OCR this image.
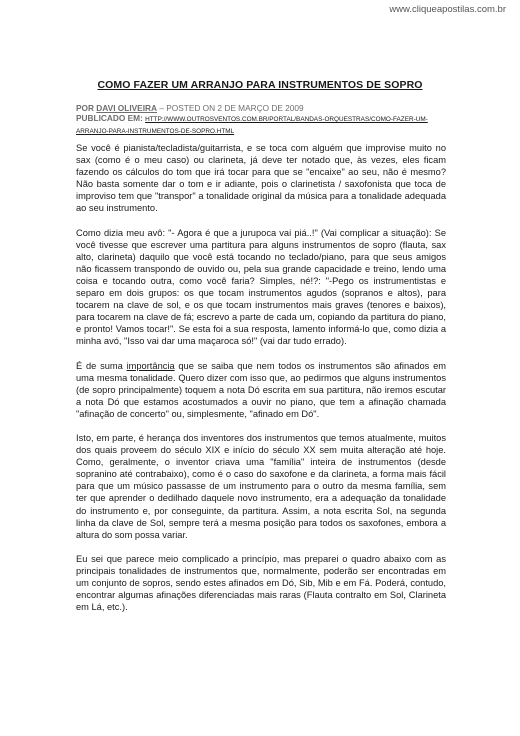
www.cliqueapostilas.com.br
COMO FAZER UM ARRANJO PARA INSTRUMENTOS DE SOPRO
POR DAVI OLIVEIRA – POSTED ON 2 DE MARÇO DE 2009
PUBLICADO EM: HTTP://WWW.OUTROSVENTOS.COM.BR/PORTAL/BANDAS-ORQUESTRAS/COMO-FAZER-UM-ARRANJO-PARA-INSTRUMENTOS-DE-SOPRO.HTML

Se você é pianista/tecladista/guitarrista, e se toca com alguém que improvise muito no sax (como é o meu caso) ou clarineta, já deve ter notado que, às vezes, eles ficam fazendo os cálculos do tom que irá tocar para que se "encaixe" ao seu, não é mesmo? Não basta somente dar o tom e ir adiante, pois o clarinetista / saxofonista que toca de improviso tem que "transpor" a tonalidade original da música para a tonalidade adequada ao seu instrumento.

Como dizia meu avô: "- Agora é que a jurupoca vai piá..!" (Vai complicar a situação): Se você tivesse que escrever uma partitura para alguns instrumentos de sopro (flauta, sax alto, clarineta) daquilo que você está tocando no teclado/piano, para que seus amigos não ficassem transpondo de ouvido ou, pela sua grande capacidade e treino, lendo uma coisa e tocando outra, como você faria? Simples, né!?: "-Pego os instrumentistas e separo em dois grupos: os que tocam instrumentos agudos (sopranos e altos), para tocarem na clave de sol, e os que tocam instrumentos mais graves (tenores e baixos), para tocarem na clave de fá; escrevo a parte de cada um, copiando da partitura do piano, e pronto! Vamos tocar!". Se esta foi a sua resposta, lamento informá-lo que, como dizia a minha avó, "Isso vai dar uma maçaroca só!" (vai dar tudo errado).

É de suma importância que se saiba que nem todos os instrumentos são afinados em uma mesma tonalidade. Quero dizer com isso que, ao pedirmos que alguns instrumentos (de sopro principalmente) toquem a nota Dó escrita em sua partitura, não iremos escutar a nota Dó que estamos acostumados a ouvir no piano, que tem a afinação chamada "afinação de concerto" ou, simplesmente, "afinado em Dó".

Isto, em parte, é herança dos inventores dos instrumentos que temos atualmente, muitos dos quais proveem do século XIX e início do século XX sem muita alteração até hoje. Como, geralmente, o inventor criava uma "família" inteira de instrumentos (desde sopranino até contrabaixo), como é o caso do saxofone e da clarineta, a forma mais fácil para que um músico passasse de um instrumento para o outro da mesma família, sem ter que aprender o dedilhado daquele novo instrumento, era a adequação da tonalidade do instrumento e, por conseguinte, da partitura. Assim, a nota escrita Sol, na segunda linha da clave de Sol, sempre terá a mesma posição para todos os saxofones, embora a altura do som possa variar.

Eu sei que parece meio complicado a princípio, mas preparei o quadro abaixo com as principais tonalidades de instrumentos que, normalmente, poderão ser encontradas em um conjunto de sopros, sendo estes afinados em Dó, Sib, Mib e em Fá. Poderá, contudo, encontrar algumas afinações diferenciadas mais raras (Flauta contralto em Sol, Clarineta em Lá, etc.).
